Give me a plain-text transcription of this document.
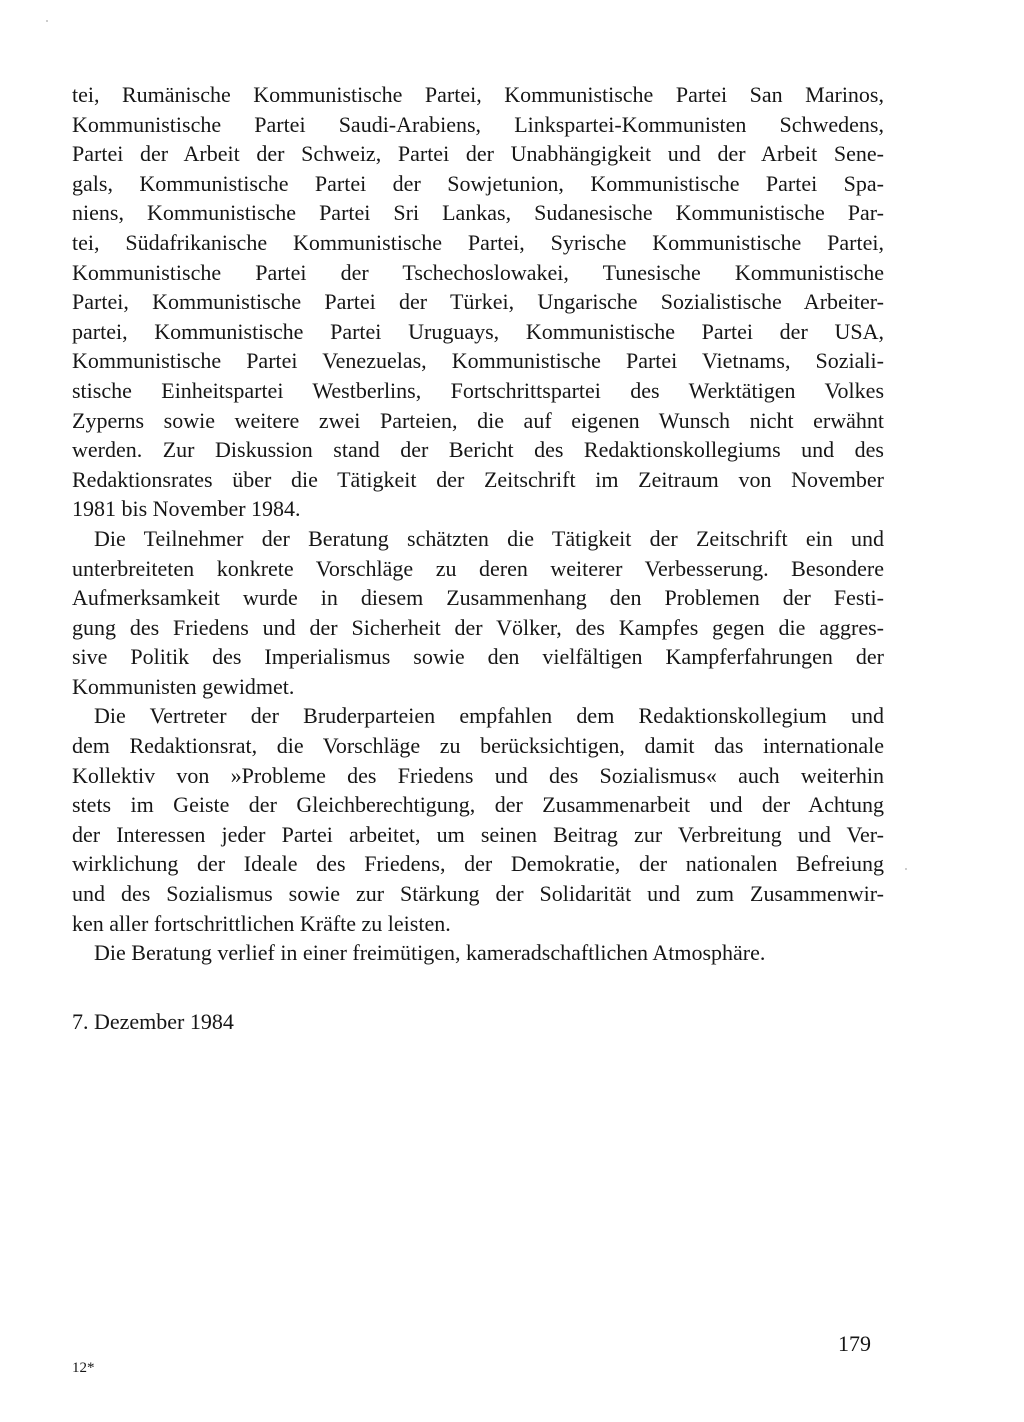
tei, Rumänische Kommunistische Partei, Kommunistische Partei San Marinos,
Kommunistische Partei Saudi-Arabiens, Linkspartei-Kommunisten Schwedens,
Partei der Arbeit der Schweiz, Partei der Unabhängigkeit und der Arbeit Sene-
gals, Kommunistische Partei der Sowjetunion, Kommunistische Partei Spa-
niens, Kommunistische Partei Sri Lankas, Sudanesische Kommunistische Par-
tei, Südafrikanische Kommunistische Partei, Syrische Kommunistische Partei,
Kommunistische Partei der Tschechoslowakei, Tunesische Kommunistische
Partei, Kommunistische Partei der Türkei, Ungarische Sozialistische Arbeiter-
partei, Kommunistische Partei Uruguays, Kommunistische Partei der USA,
Kommunistische Partei Venezuelas, Kommunistische Partei Vietnams, Soziali-
stische Einheitspartei Westberlins, Fortschrittspartei des Werktätigen Volkes
Zyperns sowie weitere zwei Parteien, die auf eigenen Wunsch nicht erwähnt
werden. Zur Diskussion stand der Bericht des Redaktionskollegiums und des
Redaktionsrates über die Tätigkeit der Zeitschrift im Zeitraum von November
1981 bis November 1984.
Die Teilnehmer der Beratung schätzten die Tätigkeit der Zeitschrift ein und
unterbreiteten konkrete Vorschläge zu deren weiterer Verbesserung. Besondere
Aufmerksamkeit wurde in diesem Zusammenhang den Problemen der Festi-
gung des Friedens und der Sicherheit der Völker, des Kampfes gegen die aggres-
sive Politik des Imperialismus sowie den vielfältigen Kampferfahrungen der
Kommunisten gewidmet.
Die Vertreter der Bruderparteien empfahlen dem Redaktionskollegium und
dem Redaktionsrat, die Vorschläge zu berücksichtigen, damit das internationale
Kollektiv von »Probleme des Friedens und des Sozialismus« auch weiterhin
stets im Geiste der Gleichberechtigung, der Zusammenarbeit und der Achtung
der Interessen jeder Partei arbeitet, um seinen Beitrag zur Verbreitung und Ver-
wirklichung der Ideale des Friedens, der Demokratie, der nationalen Befreiung
und des Sozialismus sowie zur Stärkung der Solidarität und zum Zusammenwir-
ken aller fortschrittlichen Kräfte zu leisten.
Die Beratung verlief in einer freimütigen, kameradschaftlichen Atmosphäre.
7. Dezember 1984
12*
179
